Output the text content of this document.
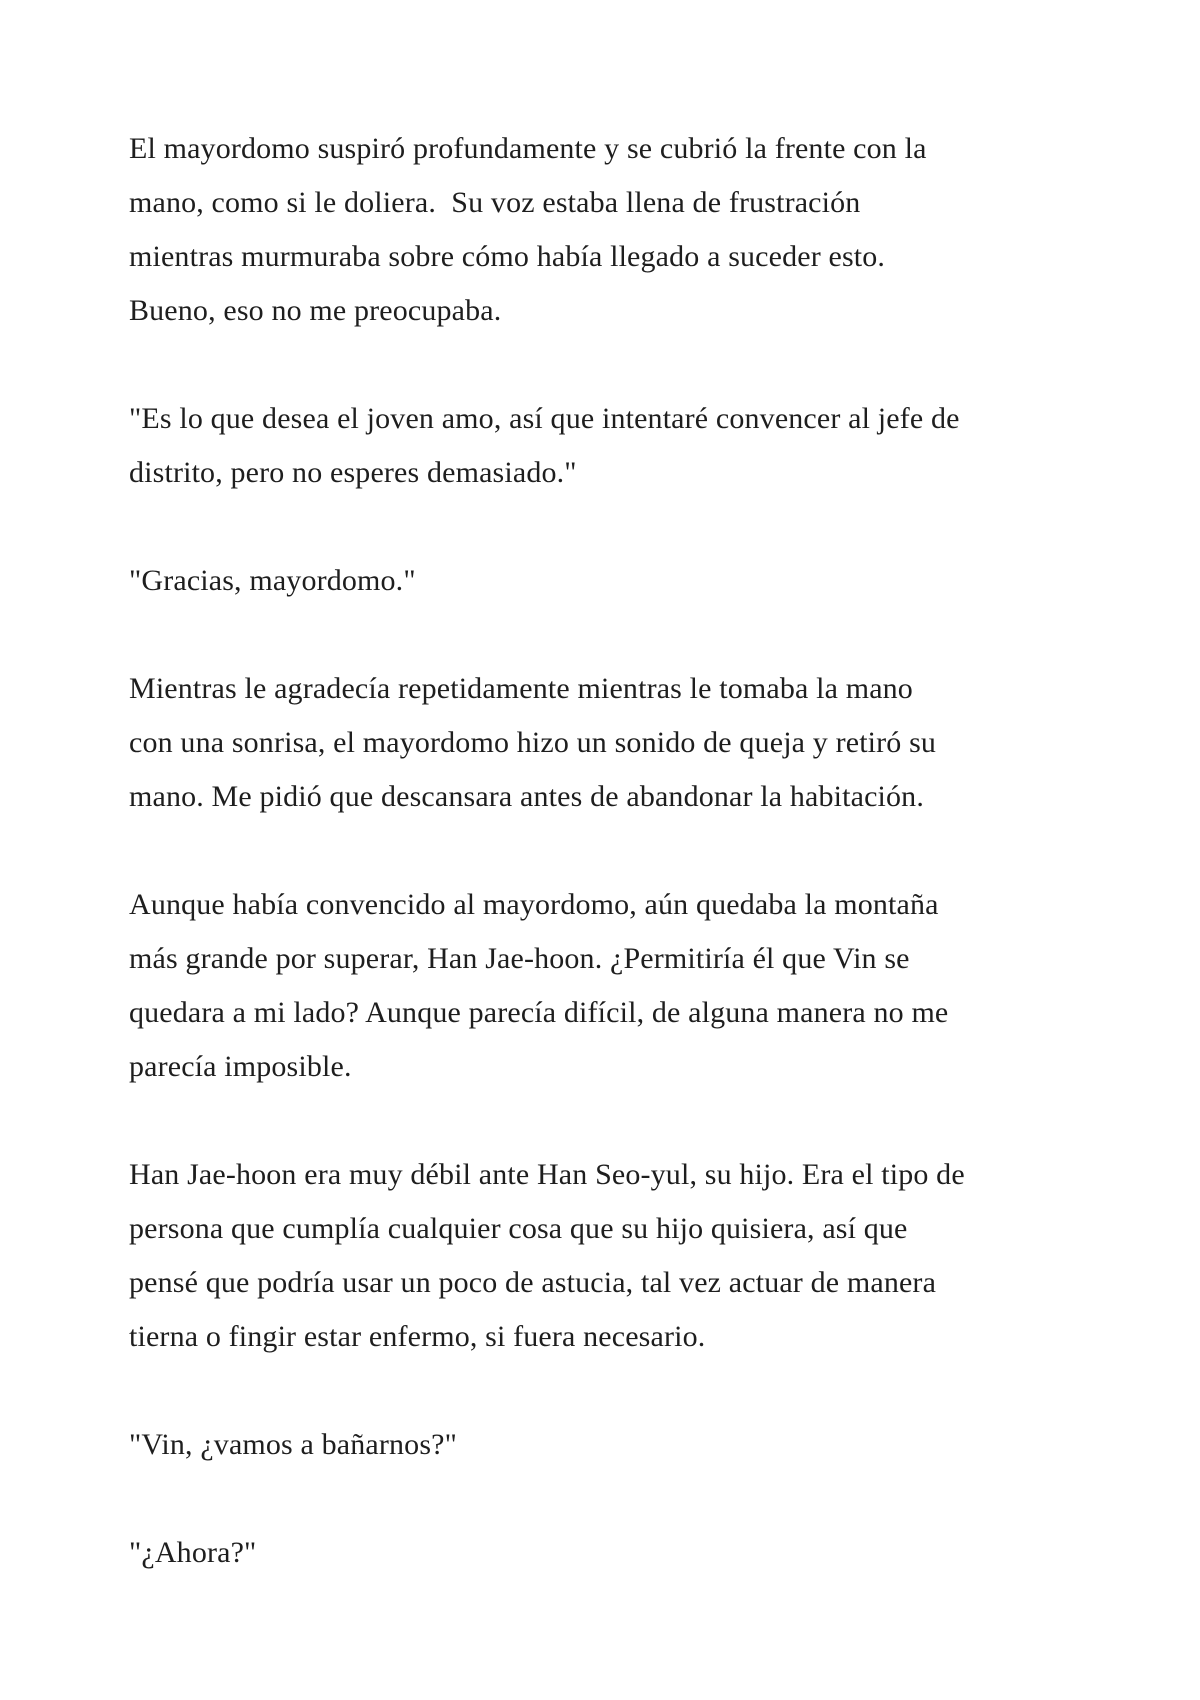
El mayordomo suspiró profundamente y se cubrió la frente con la
mano, como si le doliera.  Su voz estaba llena de frustración
mientras murmuraba sobre cómo había llegado a suceder esto.
Bueno, eso no me preocupaba.

"Es lo que desea el joven amo, así que intentaré convencer al jefe de
distrito, pero no esperes demasiado."

"Gracias, mayordomo."

Mientras le agradecía repetidamente mientras le tomaba la mano
con una sonrisa, el mayordomo hizo un sonido de queja y retiró su
mano. Me pidió que descansara antes de abandonar la habitación.

Aunque había convencido al mayordomo, aún quedaba la montaña
más grande por superar, Han Jae-hoon. ¿Permitiría él que Vin se
quedara a mi lado? Aunque parecía difícil, de alguna manera no me
parecía imposible.

Han Jae-hoon era muy débil ante Han Seo-yul, su hijo. Era el tipo de
persona que cumplía cualquier cosa que su hijo quisiera, así que
pensé que podría usar un poco de astucia, tal vez actuar de manera
tierna o fingir estar enfermo, si fuera necesario.

"Vin, ¿vamos a bañarnos?"

"¿Ahora?"
